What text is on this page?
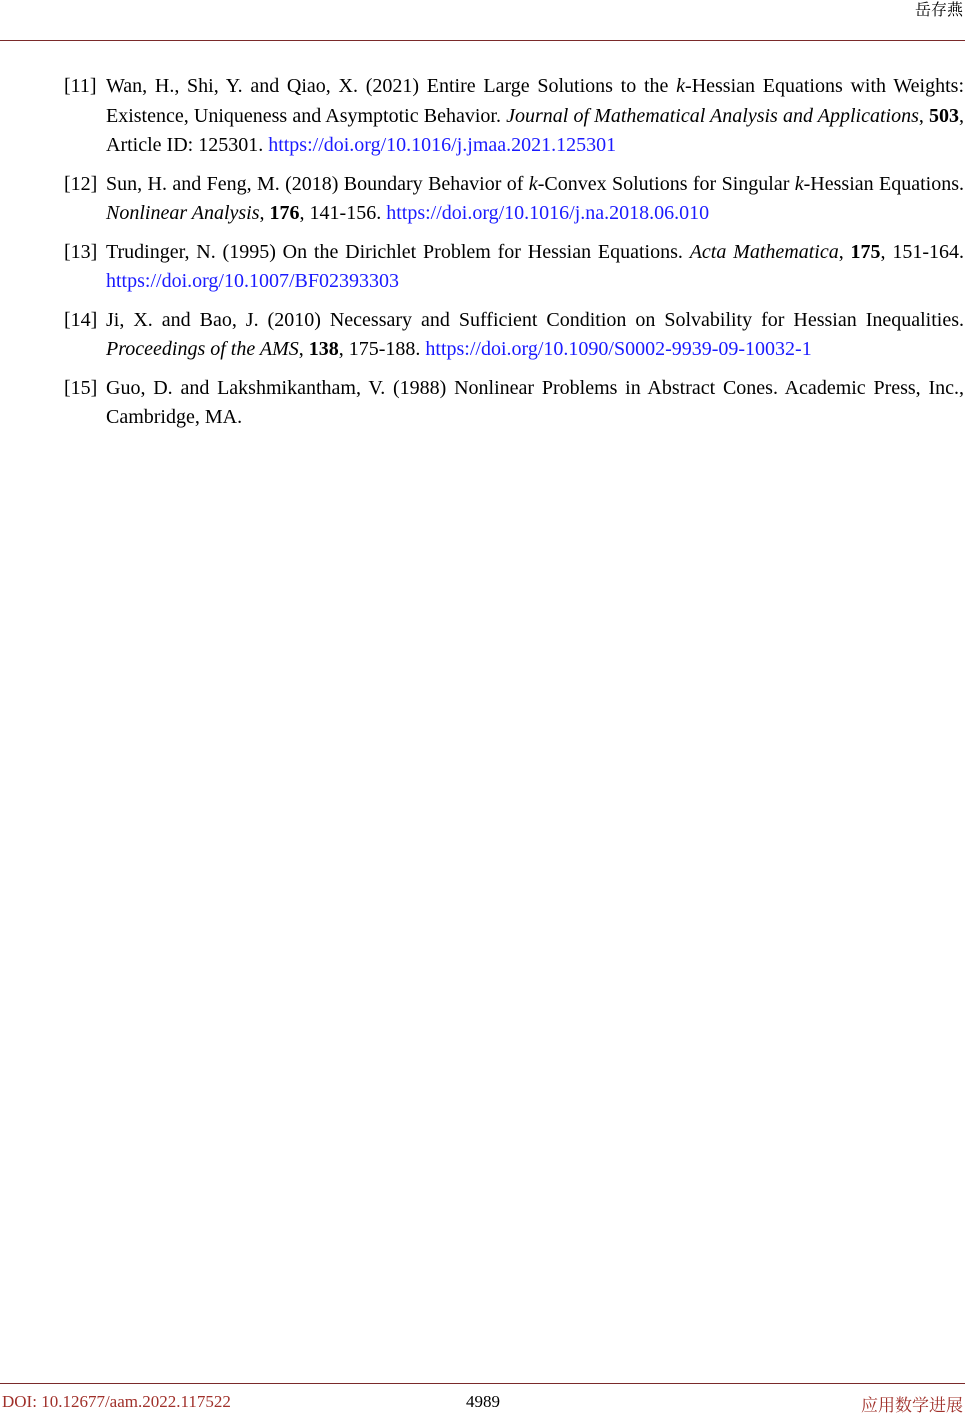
岳存燕
[11] Wan, H., Shi, Y. and Qiao, X. (2021) Entire Large Solutions to the k-Hessian Equations with Weights: Existence, Uniqueness and Asymptotic Behavior. Journal of Mathematical Analysis and Applications, 503, Article ID: 125301. https://doi.org/10.1016/j.jmaa.2021.125301
[12] Sun, H. and Feng, M. (2018) Boundary Behavior of k-Convex Solutions for Singular k-Hessian Equations. Nonlinear Analysis, 176, 141-156. https://doi.org/10.1016/j.na.2018.06.010
[13] Trudinger, N. (1995) On the Dirichlet Problem for Hessian Equations. Acta Mathematica, 175, 151-164. https://doi.org/10.1007/BF02393303
[14] Ji, X. and Bao, J. (2010) Necessary and Sufficient Condition on Solvability for Hessian Inequalities. Proceedings of the AMS, 138, 175-188. https://doi.org/10.1090/S0002-9939-09-10032-1
[15] Guo, D. and Lakshmikantham, V. (1988) Nonlinear Problems in Abstract Cones. Academic Press, Inc., Cambridge, MA.
DOI: 10.12677/aam.2022.117522	4989	应用数学进展
